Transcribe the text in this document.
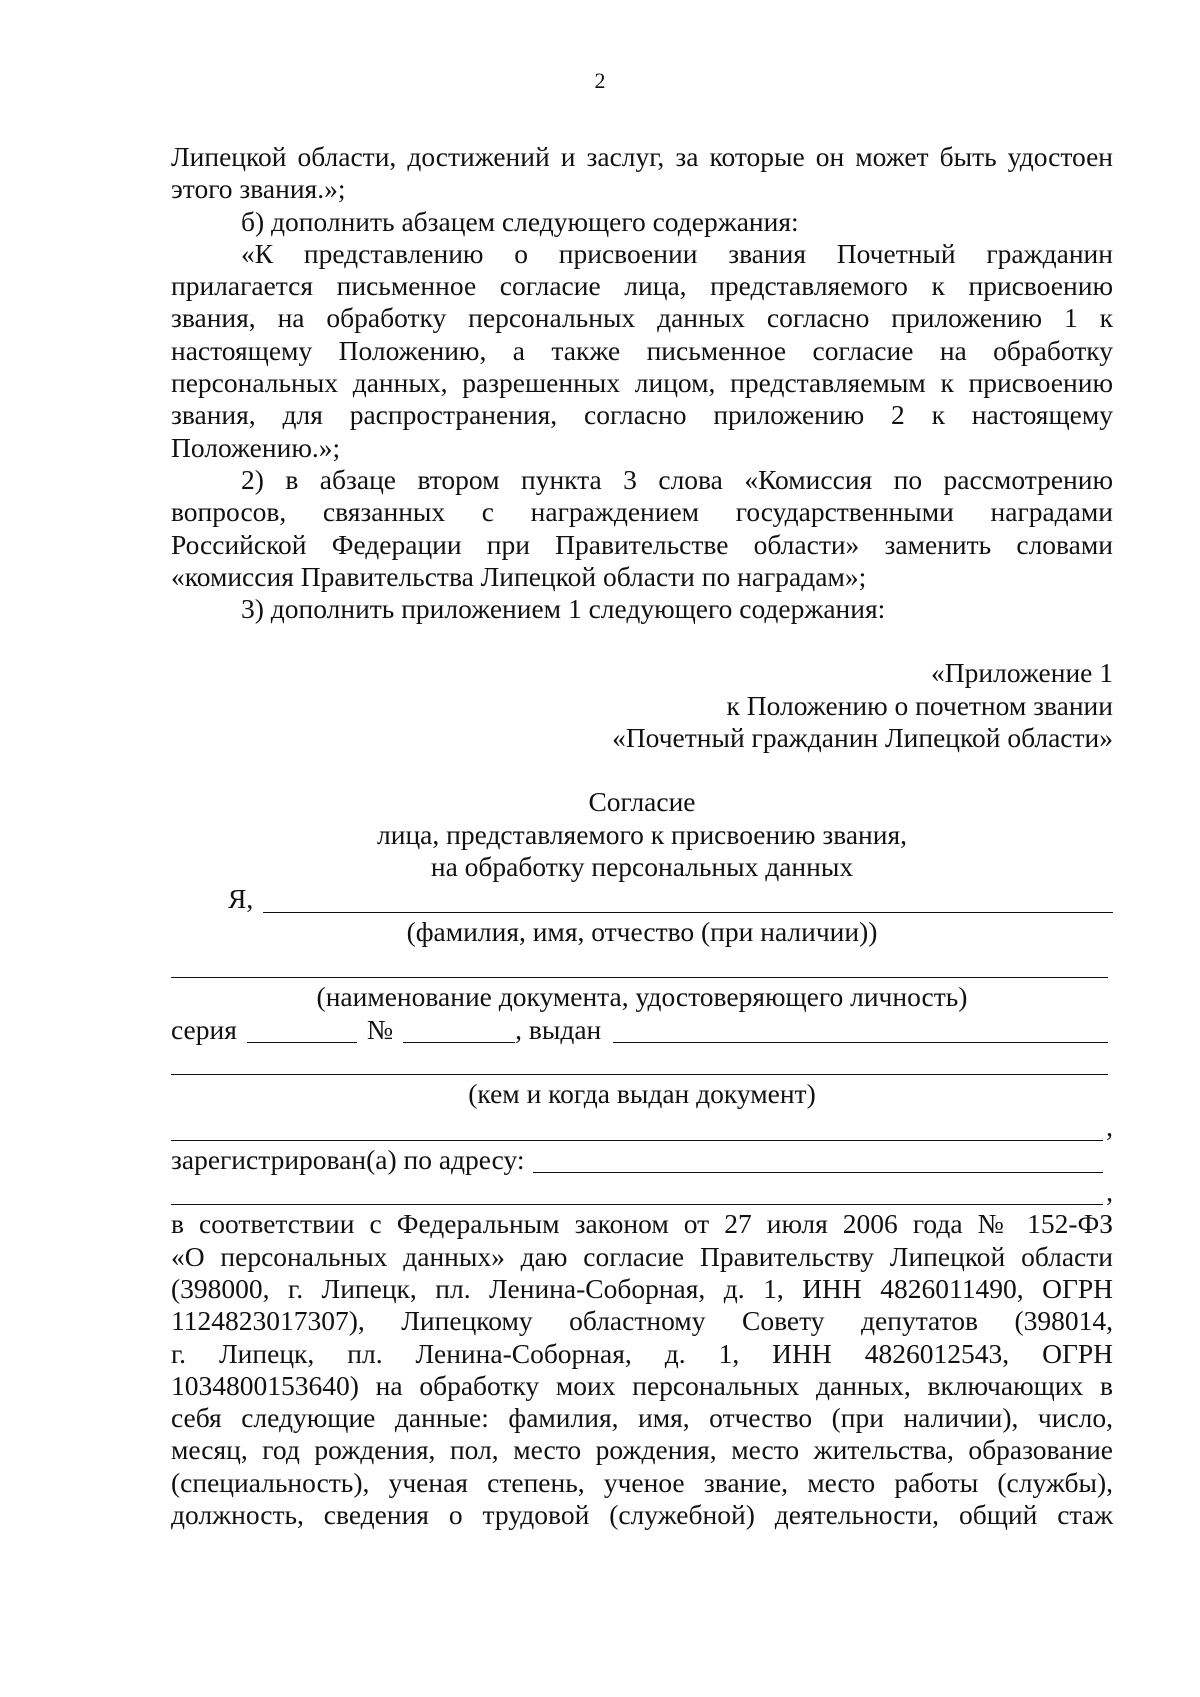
2

Липецкой области, достижений и заслуг, за которые он может быть удостоен

этого звания.»;

б) дополнить абзацем следующего содержания:

«К представлению о присвоении звания Почетный гражданин

прилагается письменное согласие лица, представляемого к присвоению

звания, на обработку персональных данных согласно приложению 1 к

настоящему Положению, а также письменное согласие на обработку

персональных данных, разрешенных лицом, представляемым к присвоению

звания, для распространения, согласно приложению 2 к настоящему

Положению.»;

2) в абзаце втором пункта 3 слова «Комиссия по рассмотрению

вопросов, связанных с награждением государственными наградами

Российской Федерации при Правительстве области» заменить словами

«комиссия Правительства Липецкой области по наградам»;

3) дополнить приложением 1 следующего содержания:

«Приложение 1

к Положению о почетном звании

«Почетный гражданин Липецкой области»

Согласие

лица, представляемого к присвоению звания,

на обработку персональных данных

Я,

(фамилия, имя, отчество (при наличии))

(наименование документа, удостоверяющего личность)

серия	№	, выдан

(кем и когда выдан документ)

,
зарегистрирован(а) по адресу:
,

в соответствии с Федеральным законом от 27 июля 2006 года № 152-ФЗ

«О персональных данных» даю согласие Правительству Липецкой области

(398000, г. Липецк, пл. Ленина-Соборная, д. 1, ИНН 4826011490, ОГРН

1124823017307), Липецкому областному Совету депутатов (398014,

г. Липецк, пл. Ленина-Соборная, д. 1, ИНН 4826012543, ОГРН

1034800153640) на обработку моих персональных данных, включающих в

себя следующие данные: фамилия, имя, отчество (при наличии), число,

месяц, год рождения, пол, место рождения, место жительства, образование

(специальность), ученая степень, ученое звание, место работы (службы),

должность, сведения о трудовой (служебной) деятельности, общий стаж
